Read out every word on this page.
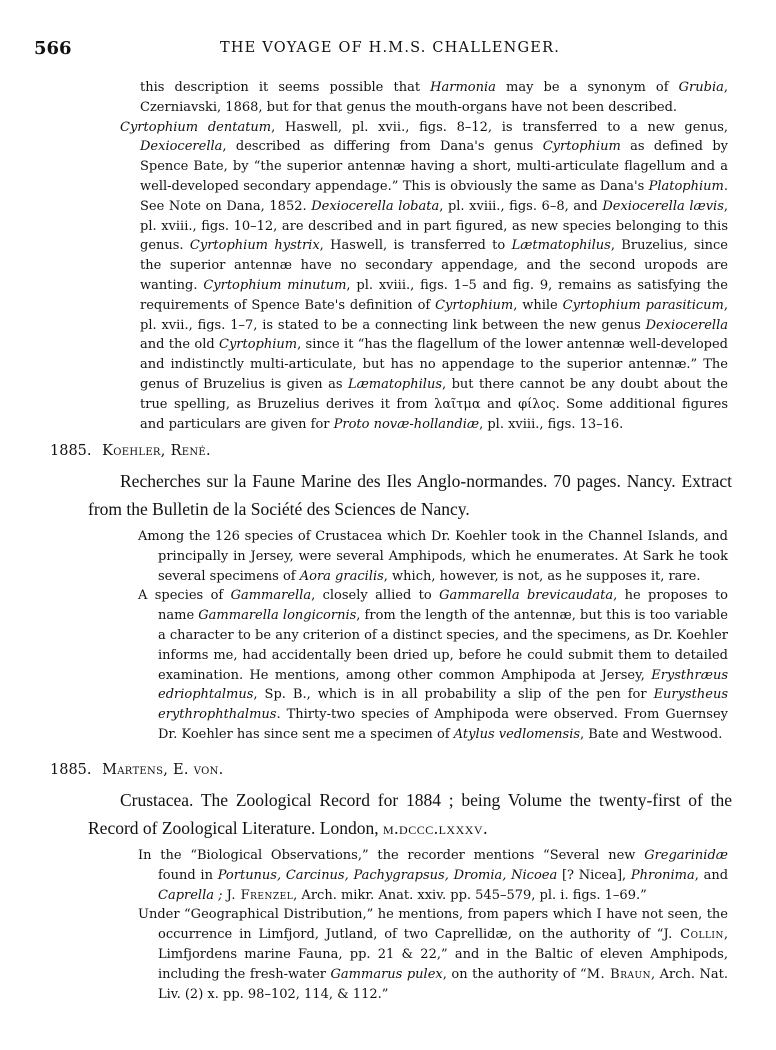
566	THE VOYAGE OF H.M.S. CHALLENGER.

this description it seems possible that Harmonia may be a synonym of Grubia, Czerniavski, 1868, but for that genus the mouth-organs have not been described.

Cyrtophium dentatum, Haswell, pl. xvii., figs. 8–12, is transferred to a new genus, Dexiocerella, described as differing from Dana's genus Cyrtophium as defined by Spence Bate, by “the superior antennæ having a short, multi-articulate flagellum and a well-developed secondary appendage.” This is obviously the same as Dana's Platophium. See Note on Dana, 1852. Dexiocerella lobata, pl. xviii., figs. 6–8, and Dexiocerella lævis, pl. xviii., figs. 10–12, are described and in part figured, as new species belonging to this genus. Cyrtophium hystrix, Haswell, is transferred to Lætmatophilus, Bruzelius, since the superior antennæ have no secondary appendage, and the second uropods are wanting. Cyrtophium minutum, pl. xviii., figs. 1–5 and fig. 9, remains as satisfying the requirements of Spence Bate's definition of Cyrtophium, while Cyrtophium parasiticum, pl. xvii., figs. 1–7, is stated to be a connecting link between the new genus Dexiocerella and the old Cyrtophium, since it “has the flagellum of the lower antennæ well-developed and indistinctly multi-articulate, but has no appendage to the superior antennæ.” The genus of Bruzelius is given as Læmatophilus, but there cannot be any doubt about the true spelling, as Bruzelius derives it from λαῖτμα and φίλος. Some additional figures and particulars are given for Proto novæ-hollandiæ, pl. xviii., figs. 13–16.

1885. Koehler, René.

Recherches sur la Faune Marine des Iles Anglo-normandes. 70 pages. Nancy. Extract from the Bulletin de la Société des Sciences de Nancy.

Among the 126 species of Crustacea which Dr. Koehler took in the Channel Islands, and principally in Jersey, were several Amphipods, which he enumerates. At Sark he took several specimens of Aora gracilis, which, however, is not, as he supposes it, rare.

A species of Gammarella, closely allied to Gammarella brevicaudata, he proposes to name Gammarella longicornis, from the length of the antennæ, but this is too variable a character to be any criterion of a distinct species, and the specimens, as Dr. Koehler informs me, had accidentally been dried up, before he could submit them to detailed examination. He mentions, among other common Amphipoda at Jersey, Erysthræus edriophtalmus, Sp. B., which is in all probability a slip of the pen for Eurystheus erythrophthalmus. Thirty-two species of Amphipoda were observed. From Guernsey Dr. Koehler has since sent me a specimen of Atylus vedlomensis, Bate and Westwood.

1885. Martens, E. von.

Crustacea. The Zoological Record for 1884 ; being Volume the twenty-first of the Record of Zoological Literature. London, m.dccc.lxxxv.

In the “Biological Observations,” the recorder mentions “Several new Gregarinidæ found in Portunus, Carcinus, Pachygrapsus, Dromia, Nicoea [? Nicea], Phronima, and Caprella ; J. Frenzel, Arch. mikr. Anat. xxiv. pp. 545–579, pl. i. figs. 1–69.”

Under “Geographical Distribution,” he mentions, from papers which I have not seen, the occurrence in Limfjord, Jutland, of two Caprellidæ, on the authority of “J. Collin, Limfjordens marine Fauna, pp. 21 & 22,” and in the Baltic of eleven Amphipods, including the fresh-water Gammarus pulex, on the authority of “M. Braun, Arch. Nat. Liv. (2) x. pp. 98–102, 114, & 112.”
